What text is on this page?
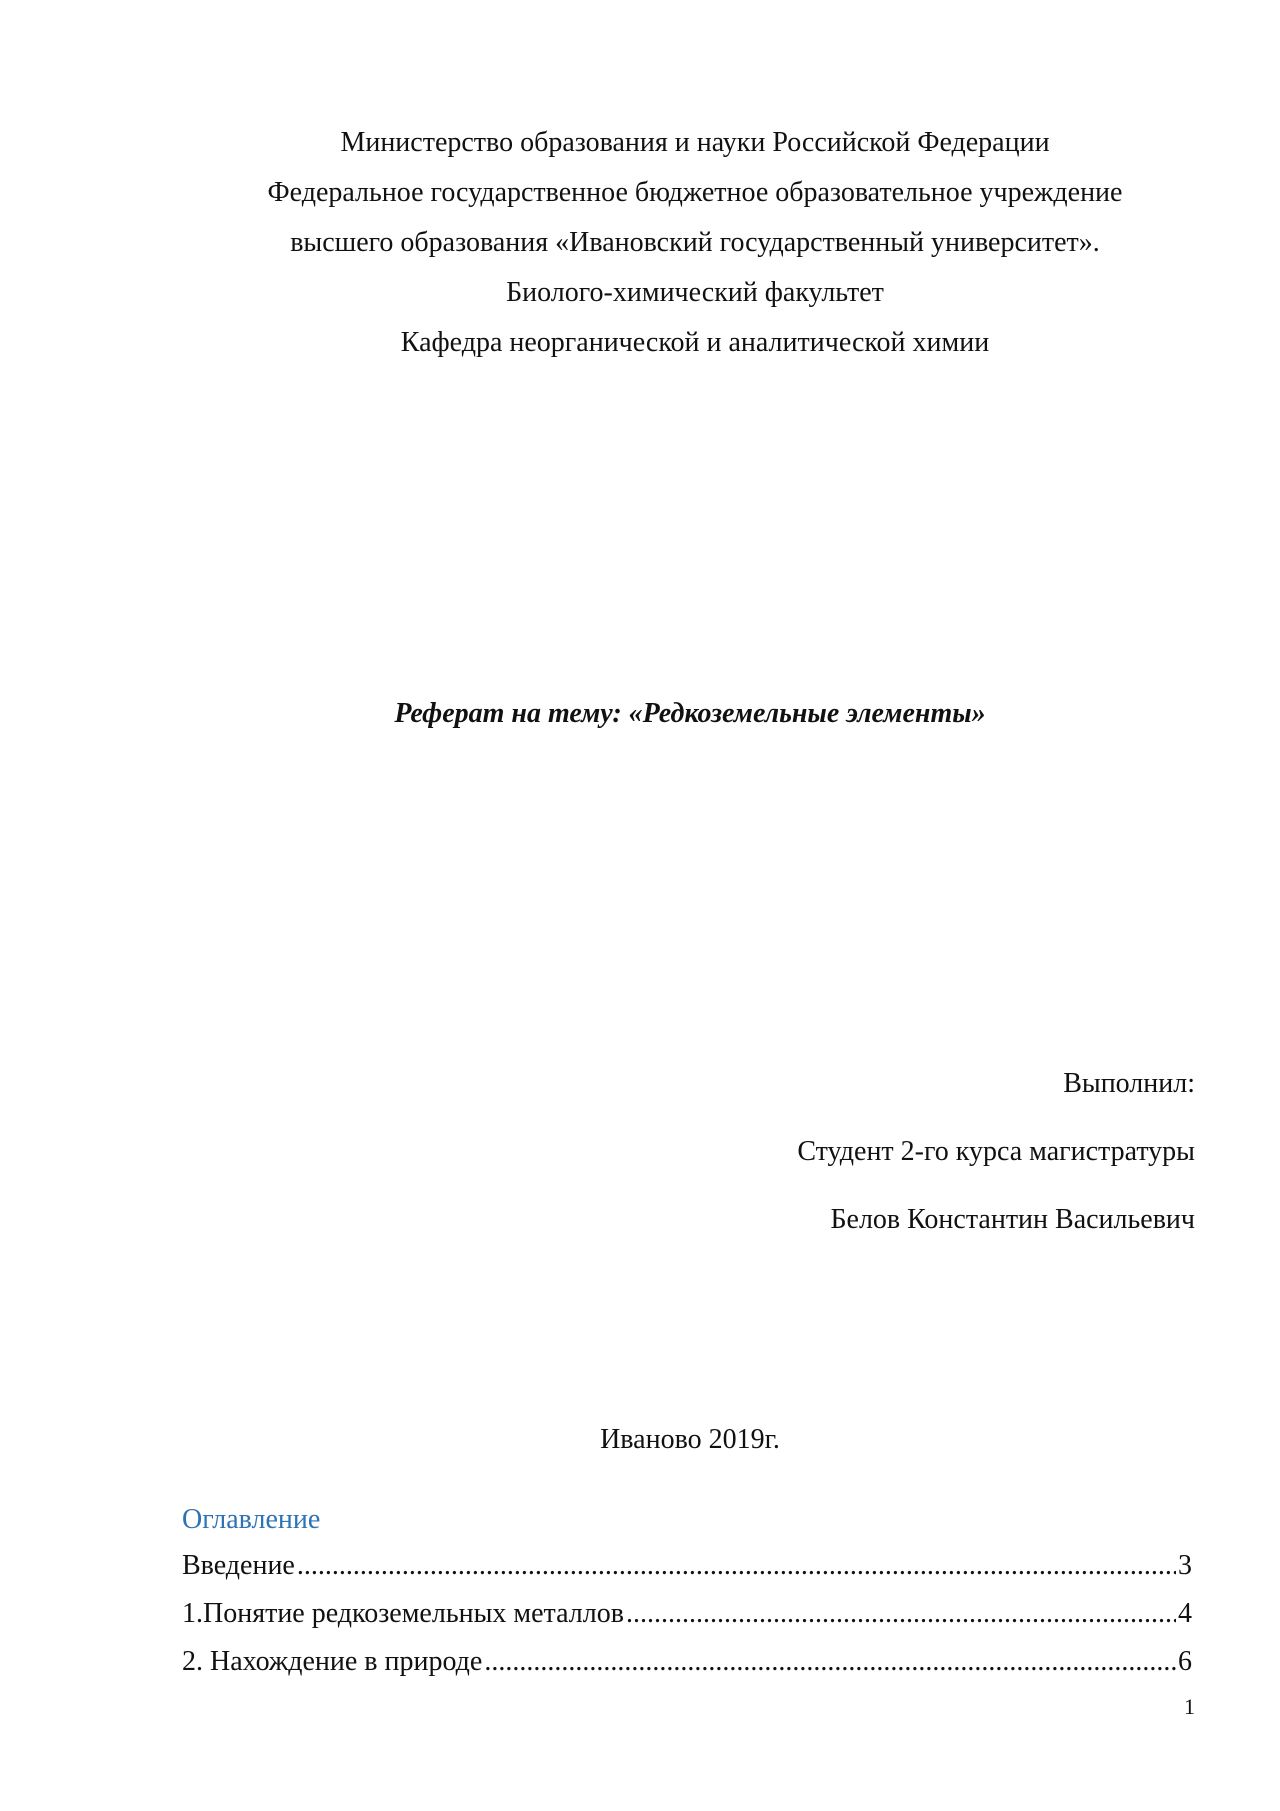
Министерство образования и науки Российской Федерации
Федеральное государственное бюджетное образовательное учреждение
высшего образования «Ивановский государственный университет».
Биолого-химический факультет
Кафедра неорганической и аналитической химии
Реферат на тему: «Редкоземельные элементы»
Выполнил:
Студент 2-го курса магистратуры
Белов Константин Васильевич
Иваново 2019г.
Оглавление
Введение .....	3
1.Понятие редкоземельных металлов .....	4
2. Нахождение в природе .....	6
1
